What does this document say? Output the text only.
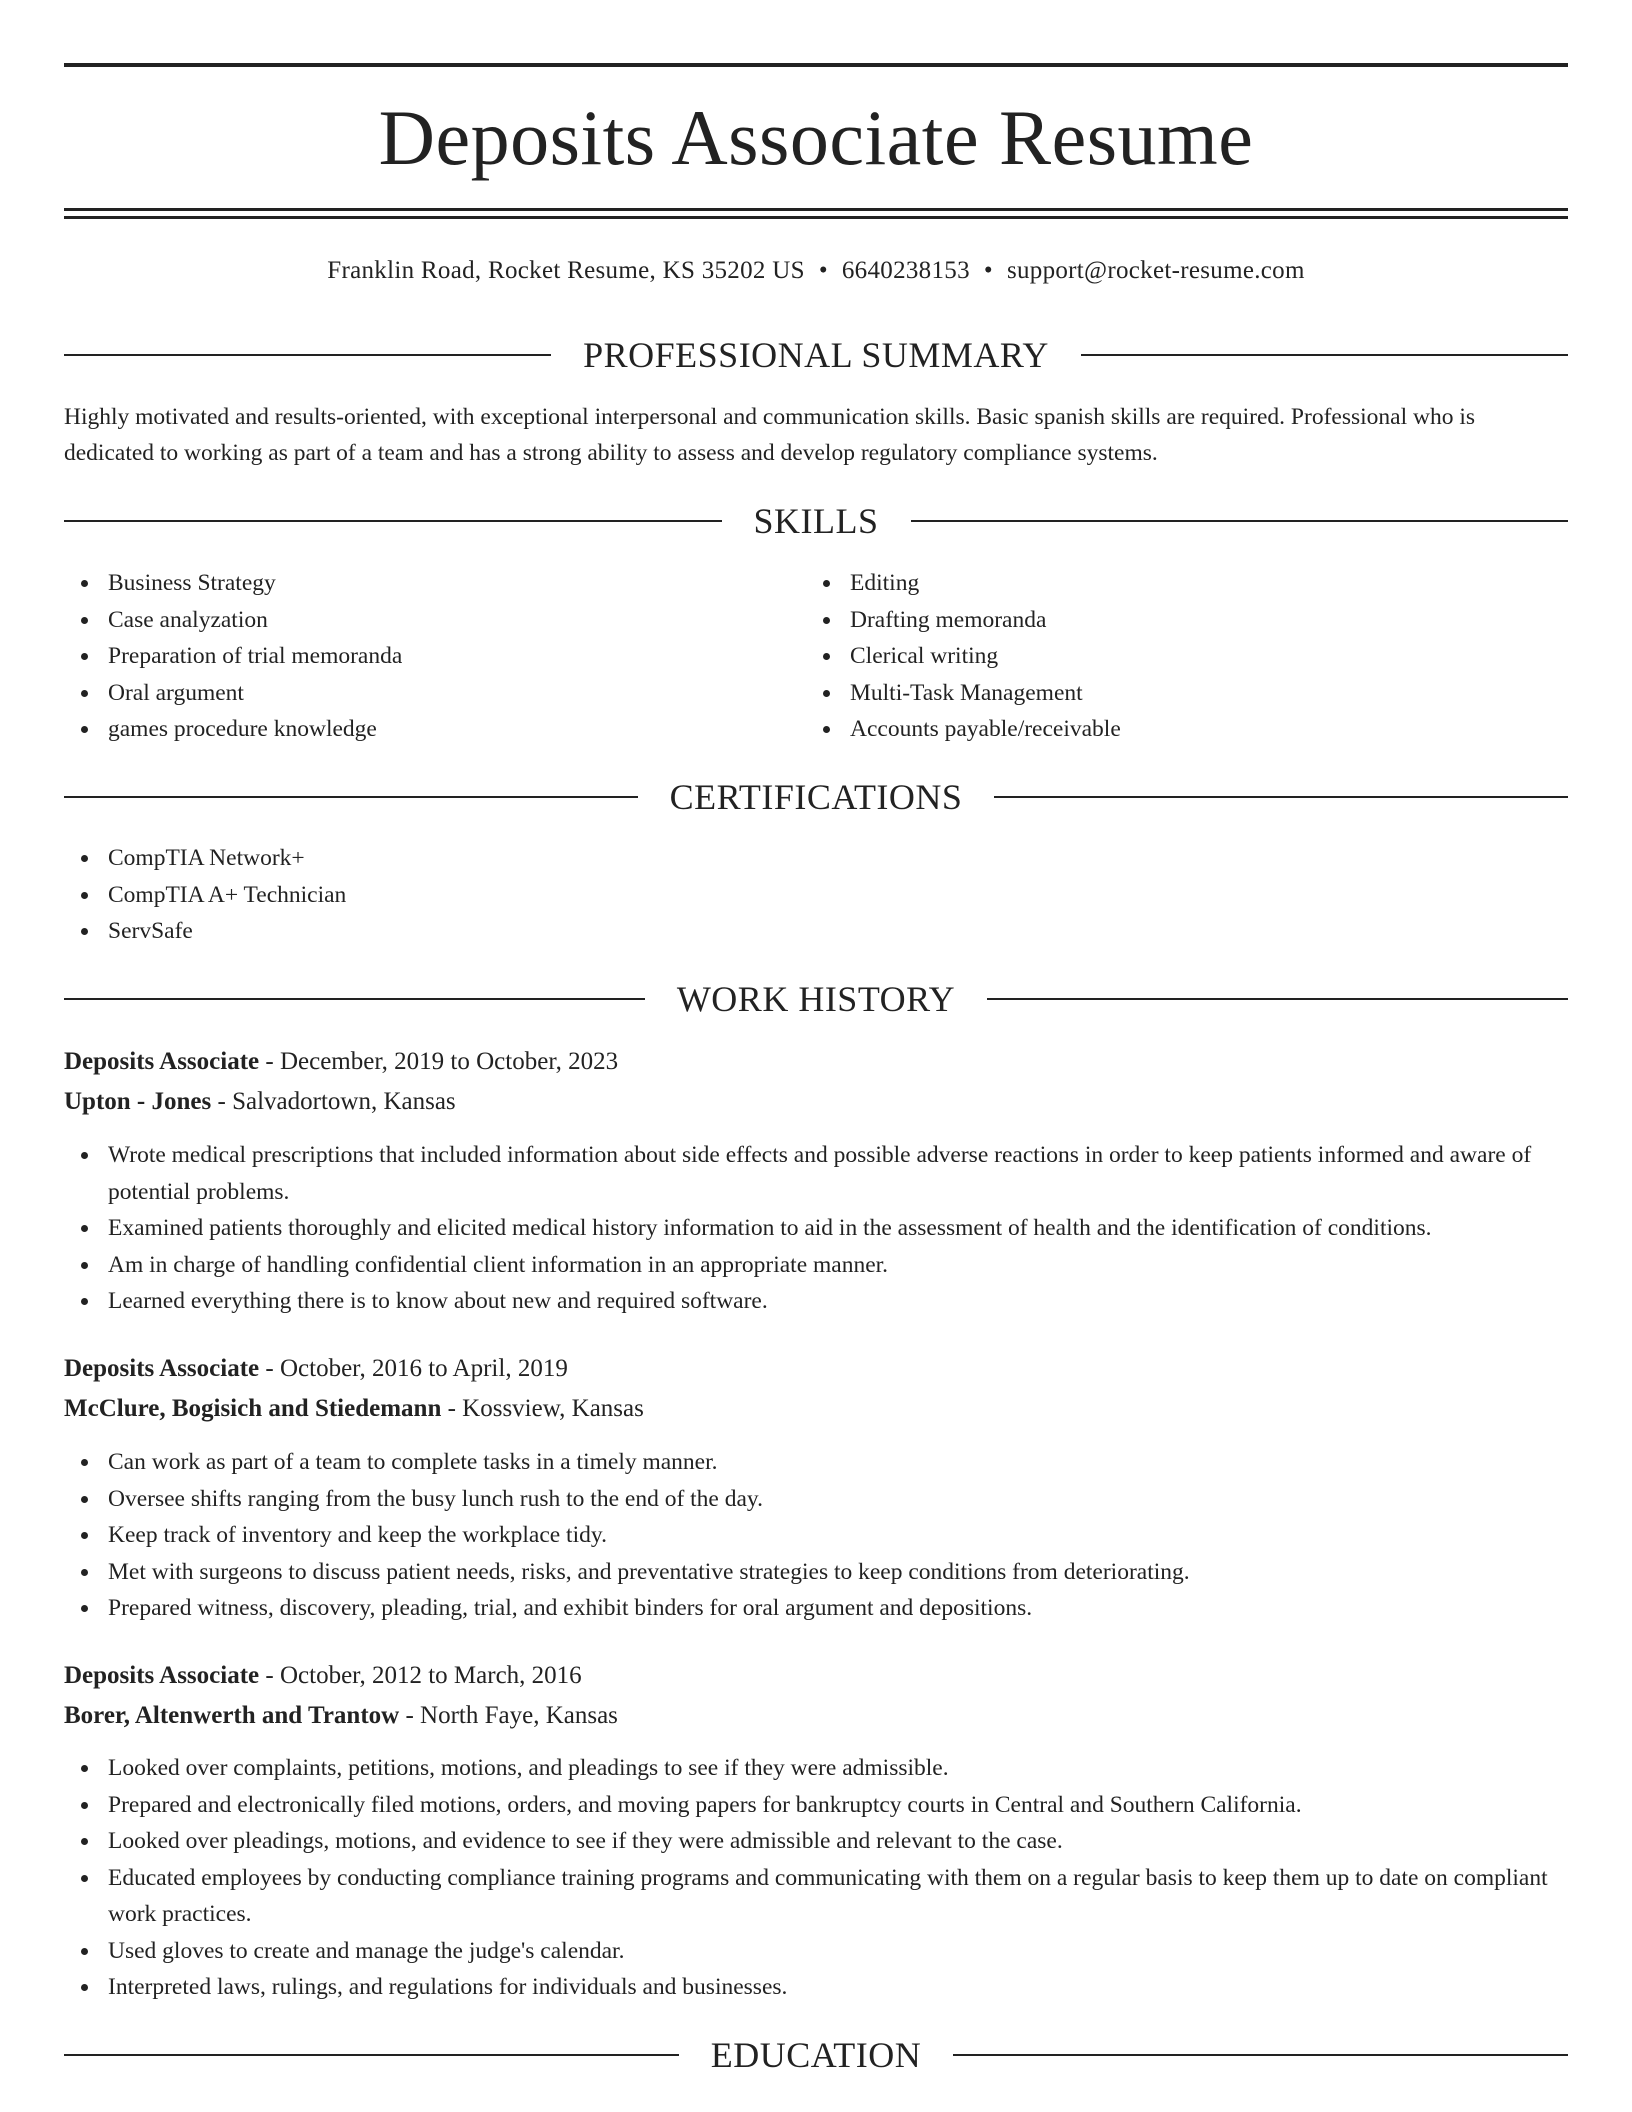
Deposits Associate Resume
Franklin Road, Rocket Resume, KS 35202 US • 6640238153 • support@rocket-resume.com
PROFESSIONAL SUMMARY
Highly motivated and results-oriented, with exceptional interpersonal and communication skills. Basic spanish skills are required. Professional who is dedicated to working as part of a team and has a strong ability to assess and develop regulatory compliance systems.
SKILLS
Business Strategy
Case analyzation
Preparation of trial memoranda
Oral argument
games procedure knowledge
Editing
Drafting memoranda
Clerical writing
Multi-Task Management
Accounts payable/receivable
CERTIFICATIONS
CompTIA Network+
CompTIA A+ Technician
ServSafe
WORK HISTORY
Deposits Associate - December, 2019 to October, 2023
Upton - Jones - Salvadortown, Kansas
Wrote medical prescriptions that included information about side effects and possible adverse reactions in order to keep patients informed and aware of potential problems.
Examined patients thoroughly and elicited medical history information to aid in the assessment of health and the identification of conditions.
Am in charge of handling confidential client information in an appropriate manner.
Learned everything there is to know about new and required software.
Deposits Associate - October, 2016 to April, 2019
McClure, Bogisich and Stiedemann - Kossview, Kansas
Can work as part of a team to complete tasks in a timely manner.
Oversee shifts ranging from the busy lunch rush to the end of the day.
Keep track of inventory and keep the workplace tidy.
Met with surgeons to discuss patient needs, risks, and preventative strategies to keep conditions from deteriorating.
Prepared witness, discovery, pleading, trial, and exhibit binders for oral argument and depositions.
Deposits Associate - October, 2012 to March, 2016
Borer, Altenwerth and Trantow - North Faye, Kansas
Looked over complaints, petitions, motions, and pleadings to see if they were admissible.
Prepared and electronically filed motions, orders, and moving papers for bankruptcy courts in Central and Southern California.
Looked over pleadings, motions, and evidence to see if they were admissible and relevant to the case.
Educated employees by conducting compliance training programs and communicating with them on a regular basis to keep them up to date on compliant work practices.
Used gloves to create and manage the judge's calendar.
Interpreted laws, rulings, and regulations for individuals and businesses.
EDUCATION
